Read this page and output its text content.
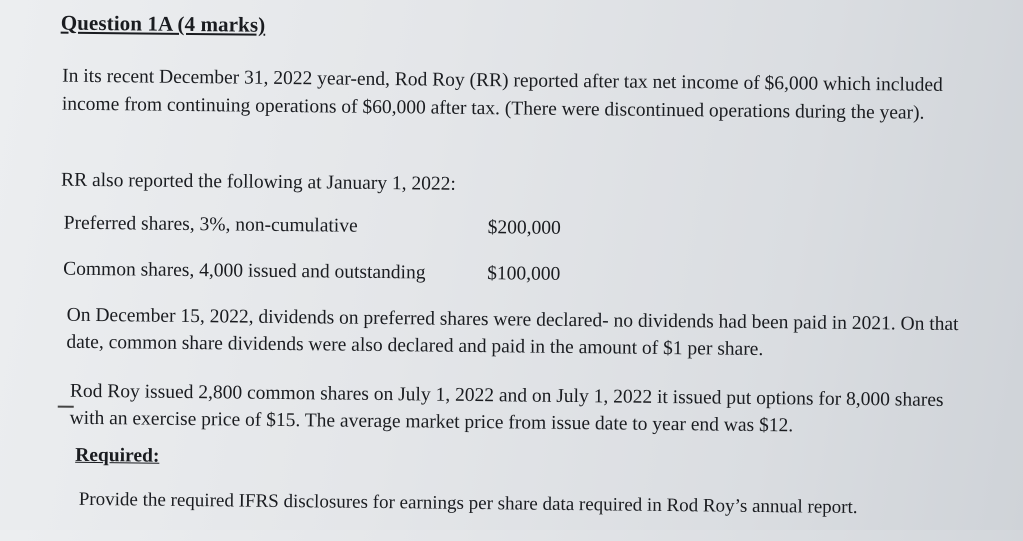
Question 1A (4 marks)
In its recent December 31, 2022 year-end, Rod Roy (RR) reported after tax net income of $6,000 which included income from continuing operations of $60,000 after tax. (There were discontinued operations during the year).
RR also reported the following at January 1, 2022:
Preferred shares, 3%, non-cumulative	$200,000
Common shares, 4,000 issued and outstanding	$100,000
On December 15, 2022, dividends on preferred shares were declared- no dividends had been paid in 2021. On that date, common share dividends were also declared and paid in the amount of $1 per share.
Rod Roy issued 2,800 common shares on July 1, 2022 and on July 1, 2022 it issued put options for 8,000 shares with an exercise price of $15. The average market price from issue date to year end was $12.
Required:
Provide the required IFRS disclosures for earnings per share data required in Rod Roy’s annual report.
